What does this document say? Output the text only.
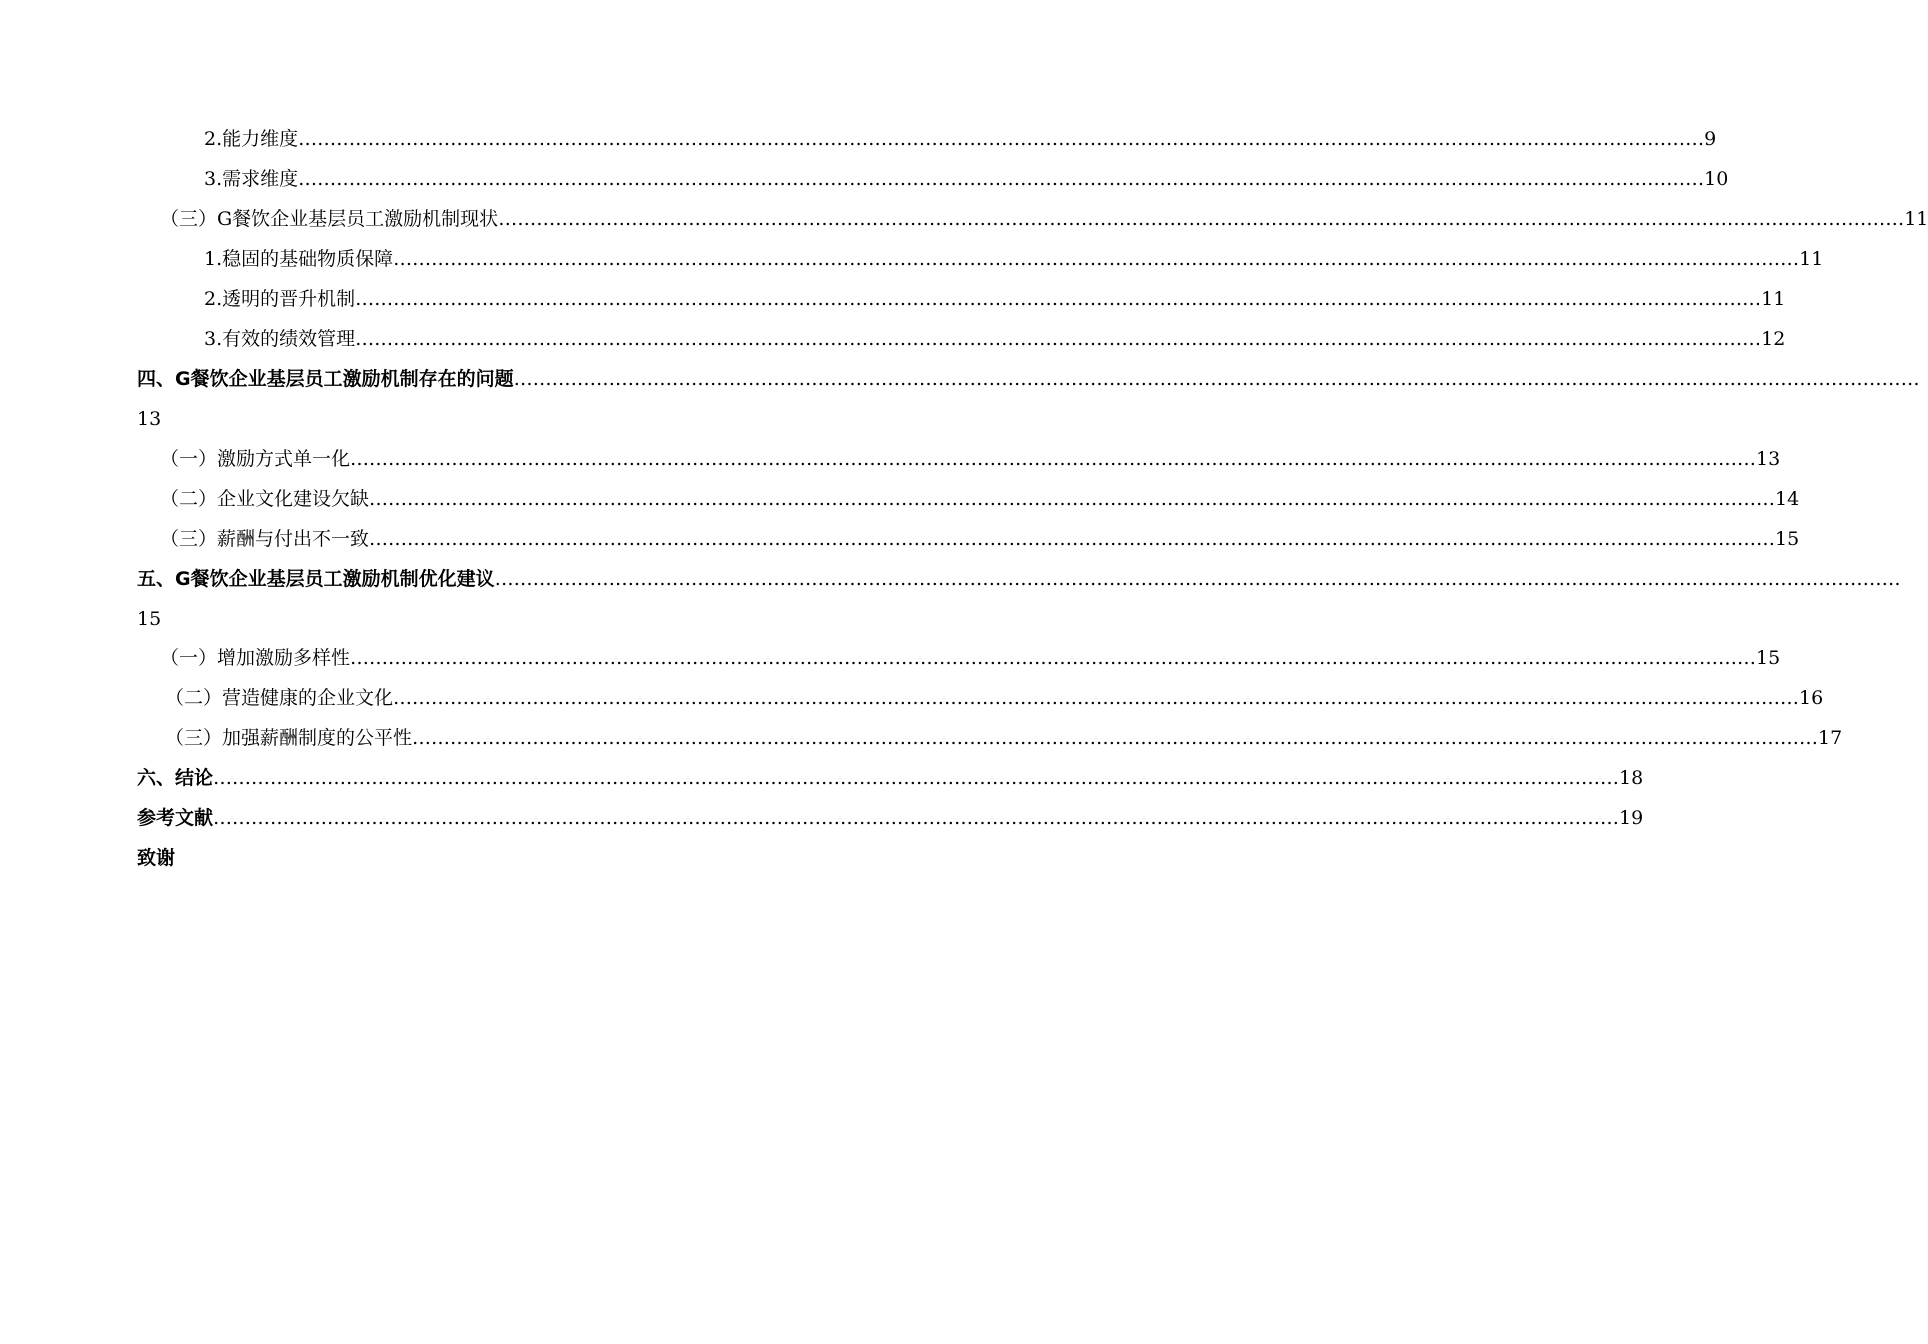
2.能力维度 …………………………………………………………………………………………………………………………………………………………………………………………………… 9
3.需求维度 …………………………………………………………………………………………………………………………………………………………………………………………………… 10
（三）G餐饮企业基层员工激励机制现状 …………………………………………………………………………………………………………………………………………………………………………………………………… 11
1.稳固的基础物质保障 …………………………………………………………………………………………………………………………………………………………………………………………………… 11
2.透明的晋升机制 …………………………………………………………………………………………………………………………………………………………………………………………………… 11
3.有效的绩效管理 …………………………………………………………………………………………………………………………………………………………………………………………………… 12
四、G餐饮企业基层员工激励机制存在的问题 ……………………………………………………………………………………………………………………………………………………………………………………………………
13
（一）激励方式单一化 …………………………………………………………………………………………………………………………………………………………………………………………………… 13
（二）企业文化建设欠缺 …………………………………………………………………………………………………………………………………………………………………………………………………… 14
（三）薪酬与付出不一致 …………………………………………………………………………………………………………………………………………………………………………………………………… 15
五、G餐饮企业基层员工激励机制优化建议 ……………………………………………………………………………………………………………………………………………………………………………………………………
15
（一）增加激励多样性 …………………………………………………………………………………………………………………………………………………………………………………………………… 15
（二）营造健康的企业文化 …………………………………………………………………………………………………………………………………………………………………………………………………… 16
（三）加强薪酬制度的公平性 …………………………………………………………………………………………………………………………………………………………………………………………………… 17
六、结论 …………………………………………………………………………………………………………………………………………………………………………………………………… 18
参考文献 …………………………………………………………………………………………………………………………………………………………………………………………………… 19
致谢
